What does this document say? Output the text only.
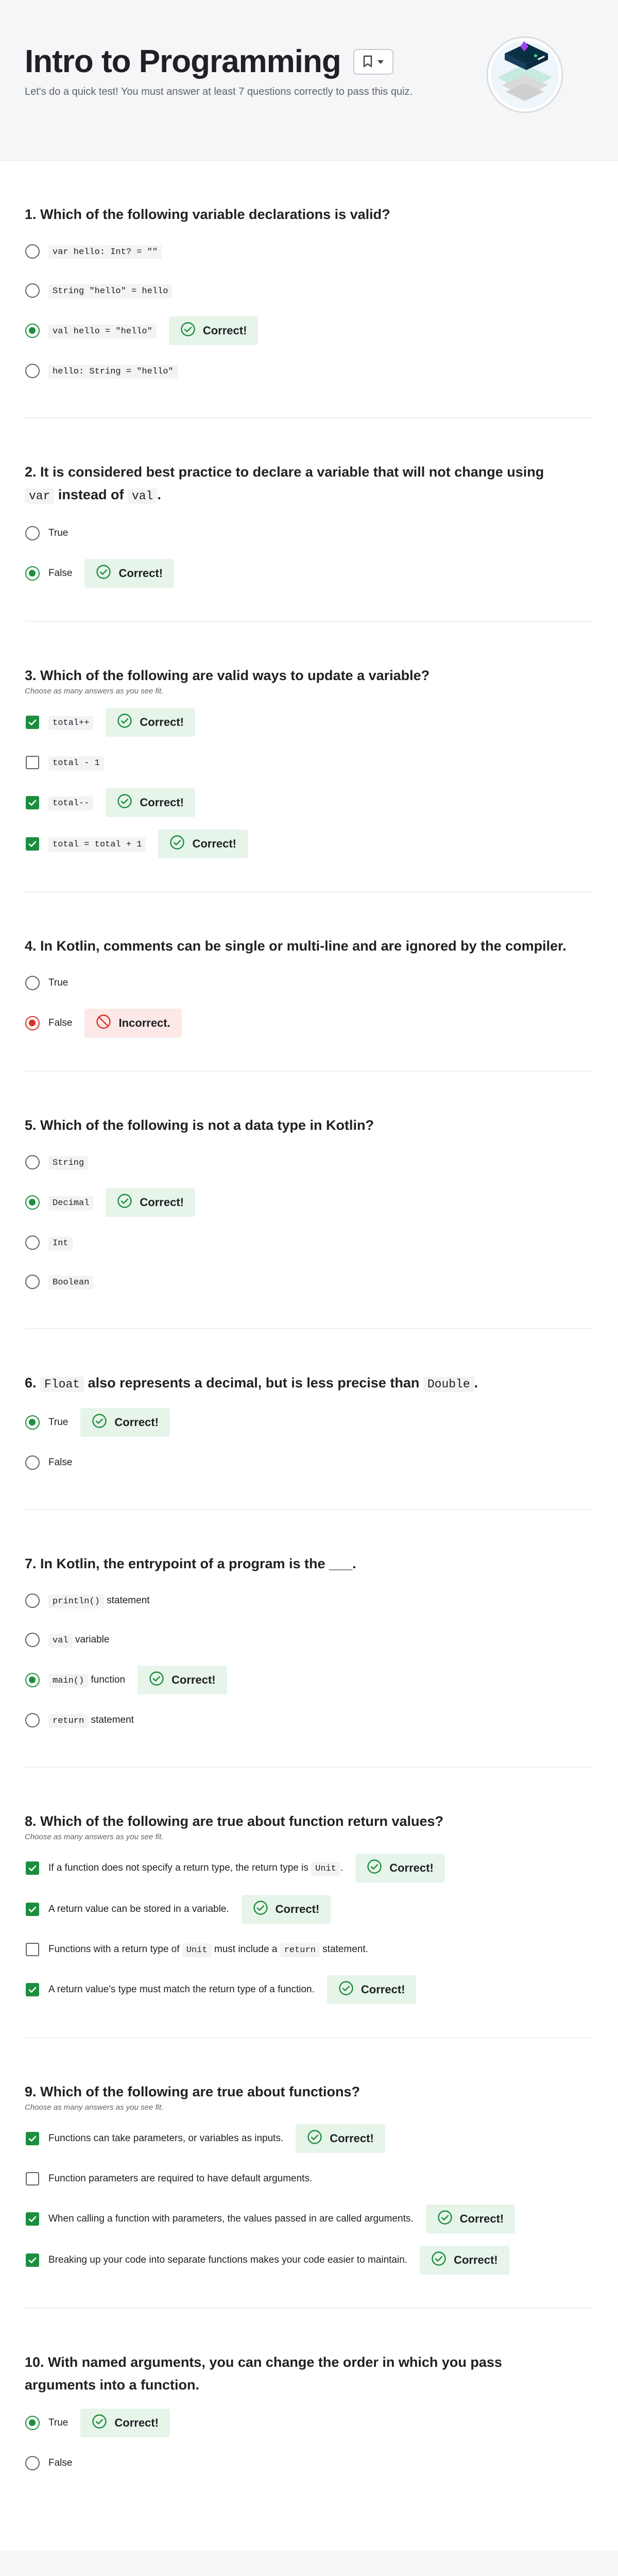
Intro to Programming

Let's do a quick test! You must answer at least 7 questions correctly to pass this quiz.

1. Which of the following variable declarations is valid?
var hello: Int? = ""
String "hello" = hello
val hello = "hello"	Correct!
hello: String = "hello"
2. It is considered best practice to declare a variable that will not change using var instead of val .
True
False	Correct!
3. Which of the following are valid ways to update a variable?

Choose as many answers as you see fit.

total++	Correct!
total - 1
total--	Correct!
total = total + 1	Correct!
4. In Kotlin, comments can be single or multi-line and are ignored by the compiler.
True
False	Incorrect.
5. Which of the following is not a data type in Kotlin?
String
Decimal	Correct!
Int
Boolean
6. Float also represents a decimal, but is less precise than Double .
True	Correct!
False
7. In Kotlin, the entrypoint of a program is the ___.
println() statement
val variable
main() function	Correct!
return statement
8. Which of the following are true about function return values?

Choose as many answers as you see fit.

If a function does not specify a return type, the return type is Unit .	Correct!
A return value can be stored in a variable.	Correct!
Functions with a return type of Unit must include a return statement.
A return value's type must match the return type of a function.	Correct!
9. Which of the following are true about functions?

Choose as many answers as you see fit.

Functions can take parameters, or variables as inputs.	Correct!
Function parameters are required to have default arguments.
When calling a function with parameters, the values passed in are called arguments.	Correct!
Breaking up your code into separate functions makes your code easier to maintain.	Correct!
10. With named arguments, you can change the order in which you pass arguments into a function.
True	Correct!
False
